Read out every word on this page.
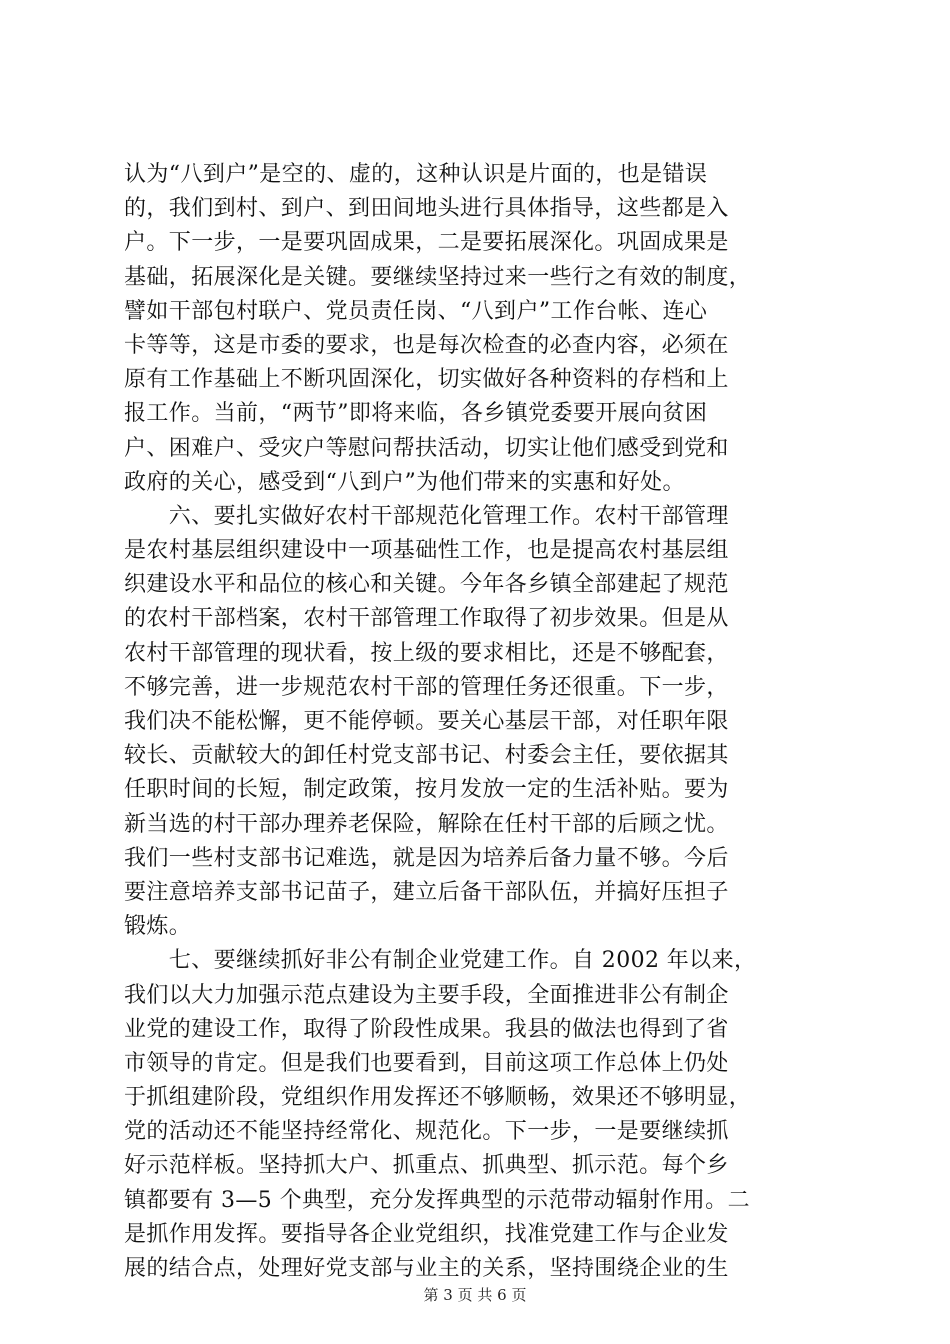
认为“八到户”是空的、虚的，这种认识是片面的，也是错误
的，我们到村、到户、到田间地头进行具体指导，这些都是入
户。下一步，一是要巩固成果，二是要拓展深化。巩固成果是
基础，拓展深化是关键。要继续坚持过来一些行之有效的制度，
譬如干部包村联户、党员责任岗、“八到户”工作台帐、连心
卡等等，这是市委的要求，也是每次检查的必查内容，必须在
原有工作基础上不断巩固深化，切实做好各种资料的存档和上
报工作。当前，“两节”即将来临，各乡镇党委要开展向贫困
户、困难户、受灾户等慰问帮扶活动，切实让他们感受到党和
政府的关心，感受到“八到户”为他们带来的实惠和好处。
　　六、要扎实做好农村干部规范化管理工作。农村干部管理
是农村基层组织建设中一项基础性工作，也是提高农村基层组
织建设水平和品位的核心和关键。今年各乡镇全部建起了规范
的农村干部档案，农村干部管理工作取得了初步效果。但是从
农村干部管理的现状看，按上级的要求相比，还是不够配套，
不够完善，进一步规范农村干部的管理任务还很重。下一步，
我们决不能松懈，更不能停顿。要关心基层干部，对任职年限
较长、贡献较大的卸任村党支部书记、村委会主任，要依据其
任职时间的长短，制定政策，按月发放一定的生活补贴。要为
新当选的村干部办理养老保险，解除在任村干部的后顾之忧。
我们一些村支部书记难选，就是因为培养后备力量不够。今后
要注意培养支部书记苗子，建立后备干部队伍，并搞好压担子
锻炼。
　　七、要继续抓好非公有制企业党建工作。自 2002 年以来，
我们以大力加强示范点建设为主要手段，全面推进非公有制企
业党的建设工作，取得了阶段性成果。我县的做法也得到了省
市领导的肯定。但是我们也要看到，目前这项工作总体上仍处
于抓组建阶段，党组织作用发挥还不够顺畅，效果还不够明显，
党的活动还不能坚持经常化、规范化。下一步，一是要继续抓
好示范样板。坚持抓大户、抓重点、抓典型、抓示范。每个乡
镇都要有 3—5 个典型，充分发挥典型的示范带动辐射作用。二
是抓作用发挥。要指导各企业党组织，找准党建工作与企业发
展的结合点，处理好党支部与业主的关系，坚持围绕企业的生
第 3 页 共 6 页
